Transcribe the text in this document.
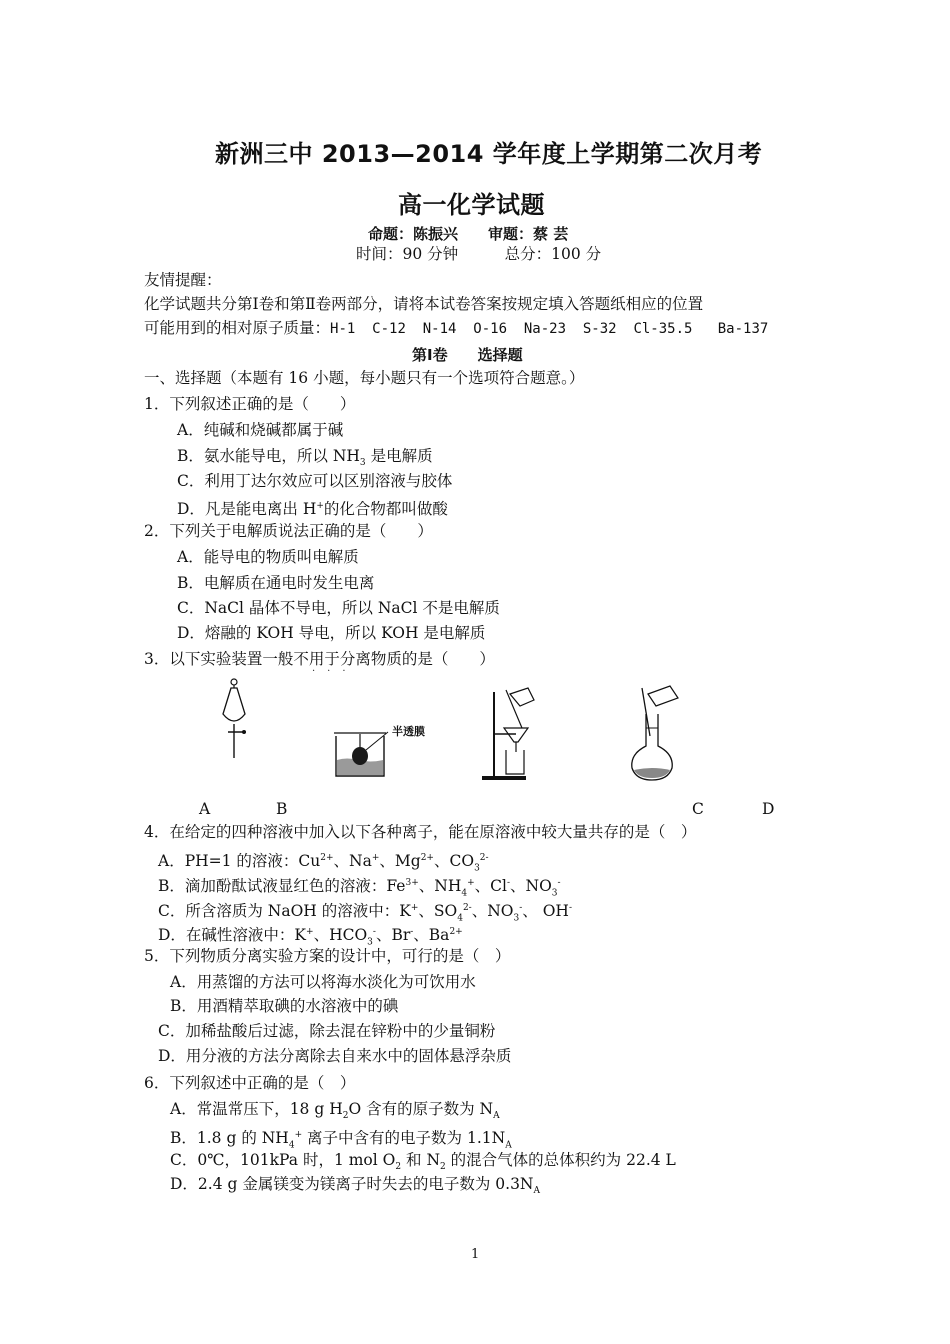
新洲三中 2013—2014 学年度上学期第二次月考
高一化学试题
命题：陈振兴　　审题：蔡 芸
时间：90 分钟　　　总分：100 分
友情提醒：
化学试题共分第Ⅰ卷和第Ⅱ卷两部分，请将本试卷答案按规定填入答题纸相应的位置
可能用到的相对原子质量：H-1  C-12  N-14  O-16  Na-23  S-32  Cl-35.5   Ba-137
第Ⅰ卷　　选择题
一、选择题（本题有 16 小题，每小题只有一个选项符合题意。）
1．下列叙述正确的是（　　）
A．纯碱和烧碱都属于碱
B．氨水能导电，所以 $NH_3$ 是电解质
C．利用丁达尔效应可以区别溶液与胶体
D．凡是能电离出 H+的化合物都叫做酸
2．下列关于电解质说法正确的是（　　）
A．能导电的物质叫电解质
B．电解质在通电时发生电离
C．NaCl 晶体不导电，所以 NaCl 不是电解质
D．熔融的 KOH 导电，所以 KOH 是电解质
3．以下实验装置一般不用于分离物质的是（　　）
···
半透膜
A	B	C	D
4．在给定的四种溶液中加入以下各种离子，能在原溶液中较大量共存的是（　）
A．PH=1 的溶液：$Cu^{2+}$、Na+、$Mg^{2+}$、$CO_3^{2-}$
B．滴加酚酞试液显红色的溶液：$Fe^{3+}$、$NH_4^+$、Cl-、$NO_3^-$
C．所含溶质为 NaOH 的溶液中：K+、$SO_4^{2-}$、$NO_3^-$、 OH-
D．在碱性溶液中：K+、$HCO_3^-$、Br-、$Ba^{2+}$
5．下列物质分离实验方案的设计中，可行的是（　）
A．用蒸馏的方法可以将海水淡化为可饮用水
B．用酒精萃取碘的水溶液中的碘
C．加稀盐酸后过滤，除去混在锌粉中的少量铜粉
D．用分液的方法分离除去自来水中的固体悬浮杂质
6．下列叙述中正确的是（　）
A．常温常压下，18 g $H_2O$ 含有的原子数为 $N_A$
B．1.8 g 的 $NH_4^+$ 离子中含有的电子数为 $1.1N_A$
C．0℃，101kPa 时，1 mol $O_2$ 和 $N_2$ 的混合气体的总体积约为 22.4 L
D．2.4 g 金属镁变为镁离子时失去的电子数为 $0.3N_A$
1
